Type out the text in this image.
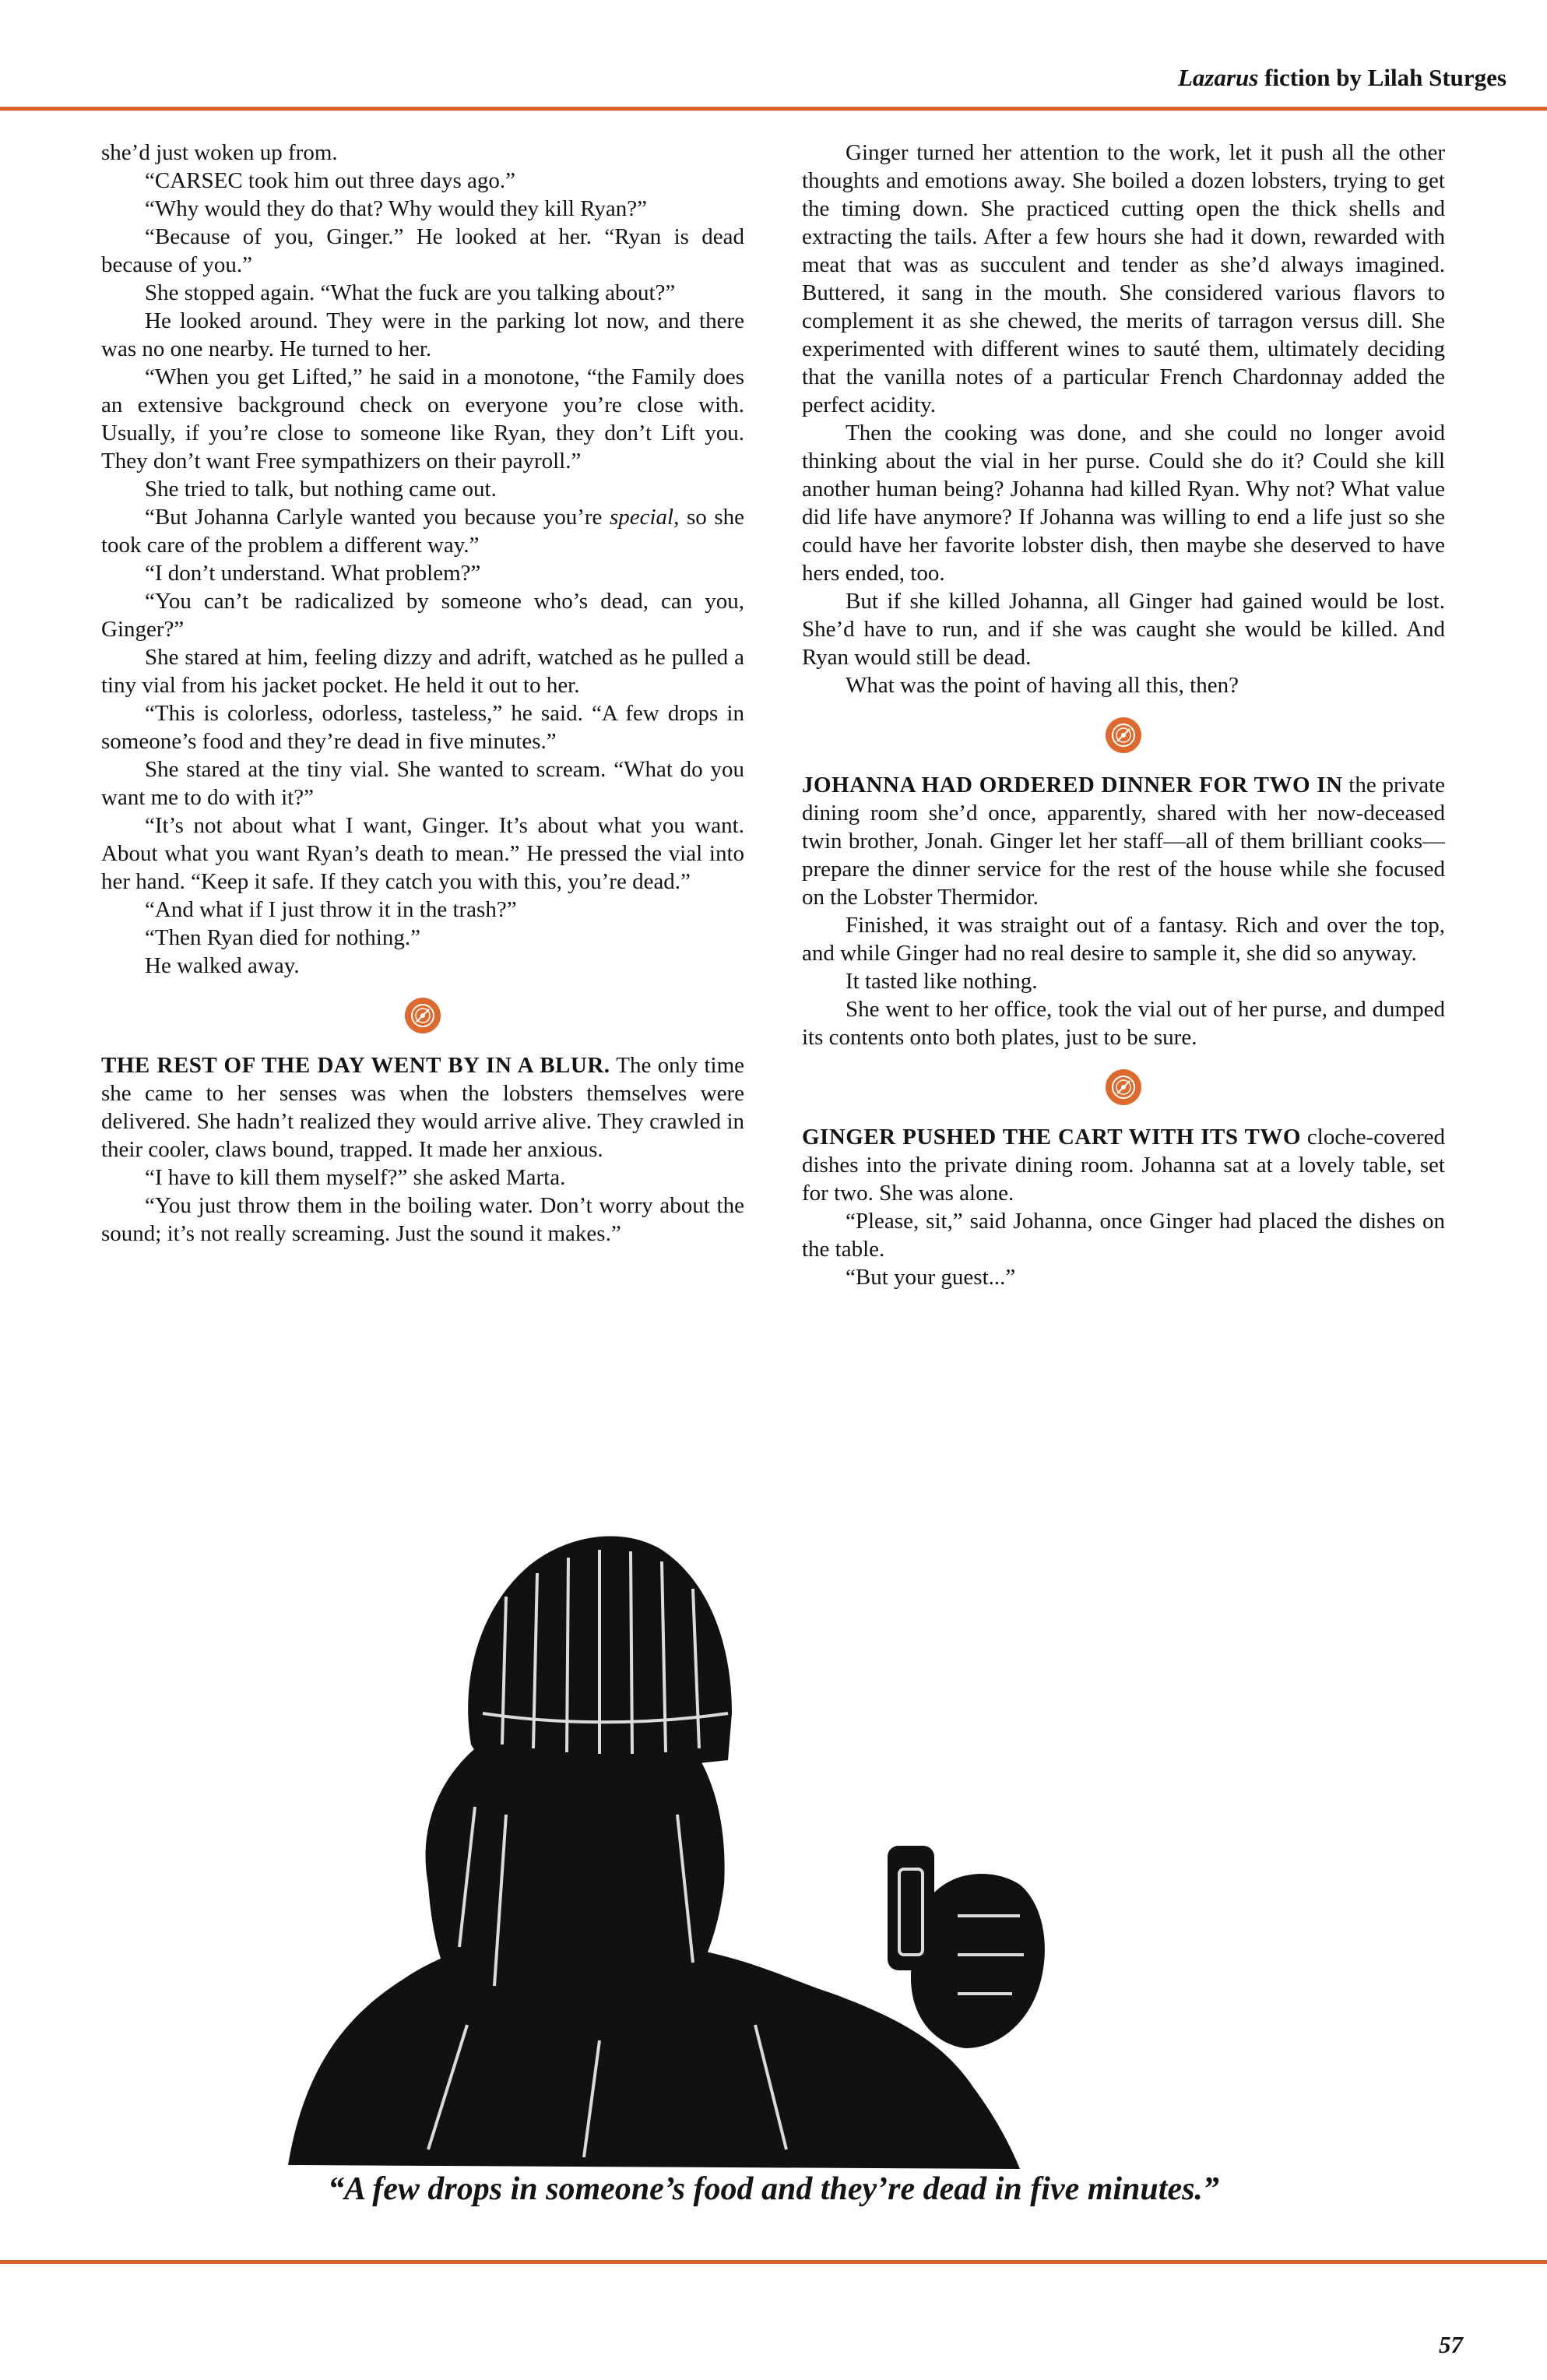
Lazarus fiction by Lilah Sturges

she’d just woken up from.

“CARSEC took him out three days ago.”

“Why would they do that? Why would they kill Ryan?”

“Because of you, Ginger.” He looked at her. “Ryan is dead because of you.”

She stopped again. “What the fuck are you talking about?”

He looked around. They were in the parking lot now, and there was no one nearby. He turned to her.

“When you get Lifted,” he said in a monotone, “the Family does an extensive background check on everyone you’re close with. Usually, if you’re close to someone like Ryan, they don’t Lift you. They don’t want Free sympathizers on their payroll.”

She tried to talk, but nothing came out.

“But Johanna Carlyle wanted you because you’re special, so she took care of the problem a different way.”

“I don’t understand. What problem?”

“You can’t be radicalized by someone who’s dead, can you, Ginger?”

She stared at him, feeling dizzy and adrift, watched as he pulled a tiny vial from his jacket pocket. He held it out to her.

“This is colorless, odorless, tasteless,” he said. “A few drops in someone’s food and they’re dead in five minutes.”

She stared at the tiny vial. She wanted to scream. “What do you want me to do with it?”

“It’s not about what I want, Ginger. It’s about what you want. About what you want Ryan’s death to mean.” He pressed the vial into her hand. “Keep it safe. If they catch you with this, you’re dead.”

“And what if I just throw it in the trash?”

“Then Ryan died for nothing.”

He walked away.

THE REST OF THE DAY WENT BY IN A BLUR. The only time she came to her senses was when the lobsters themselves were delivered. She hadn’t realized they would arrive alive. They crawled in their cooler, claws bound, trapped. It made her anxious.

“I have to kill them myself?” she asked Marta.

“You just throw them in the boiling water. Don’t worry about the sound; it’s not really screaming. Just the sound it makes.”

Ginger turned her attention to the work, let it push all the other thoughts and emotions away. She boiled a dozen lobsters, trying to get the timing down. She practiced cutting open the thick shells and extracting the tails. After a few hours she had it down, rewarded with meat that was as succulent and tender as she’d always imagined. Buttered, it sang in the mouth. She considered various flavors to complement it as she chewed, the merits of tarragon versus dill. She experimented with different wines to sauté them, ultimately deciding that the vanilla notes of a particular French Chardonnay added the perfect acidity.

Then the cooking was done, and she could no longer avoid thinking about the vial in her purse. Could she do it? Could she kill another human being? Johanna had killed Ryan. Why not? What value did life have anymore? If Johanna was willing to end a life just so she could have her favorite lobster dish, then maybe she deserved to have hers ended, too.

But if she killed Johanna, all Ginger had gained would be lost. She’d have to run, and if she was caught she would be killed. And Ryan would still be dead.

What was the point of having all this, then?

JOHANNA HAD ORDERED DINNER FOR TWO IN the private dining room she’d once, apparently, shared with her now-deceased twin brother, Jonah. Ginger let her staff—all of them brilliant cooks—prepare the dinner service for the rest of the house while she focused on the Lobster Thermidor.

Finished, it was straight out of a fantasy. Rich and over the top, and while Ginger had no real desire to sample it, she did so anyway.

It tasted like nothing.

She went to her office, took the vial out of her purse, and dumped its contents onto both plates, just to be sure.

GINGER PUSHED THE CART WITH ITS TWO cloche-covered dishes into the private dining room. Johanna sat at a lovely table, set for two. She was alone.

“Please, sit,” said Johanna, once Ginger had placed the dishes on the table.

“But your guest...”

“A few drops in someone’s food and they’re dead in five minutes.”
57
